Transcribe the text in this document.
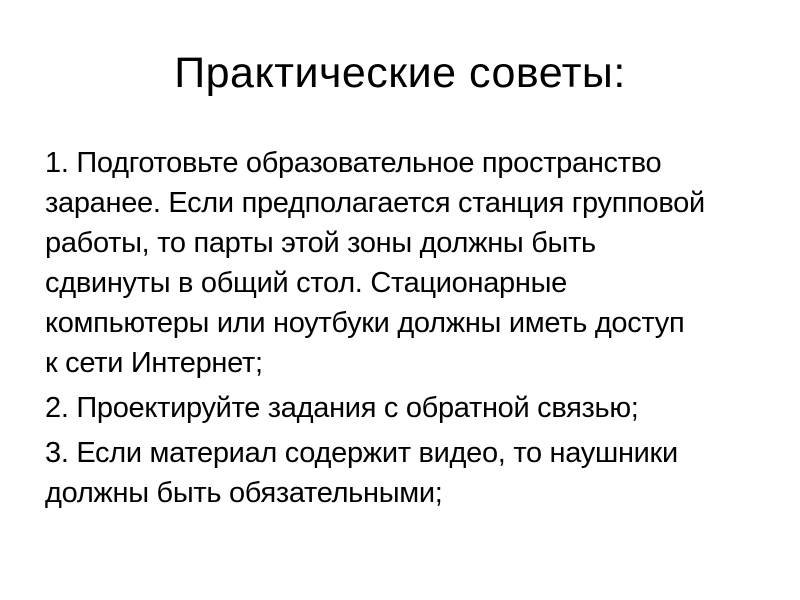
Практические советы:
1. Подготовьте образовательное пространство
заранее. Если предполагается станция групповой
работы, то парты этой зоны должны быть
сдвинуты в общий стол. Стационарные
компьютеры или ноутбуки должны иметь доступ
к сети Интернет;
2. Проектируйте задания с обратной связью;
3. Если материал содержит видео, то наушники
должны быть обязательными;
